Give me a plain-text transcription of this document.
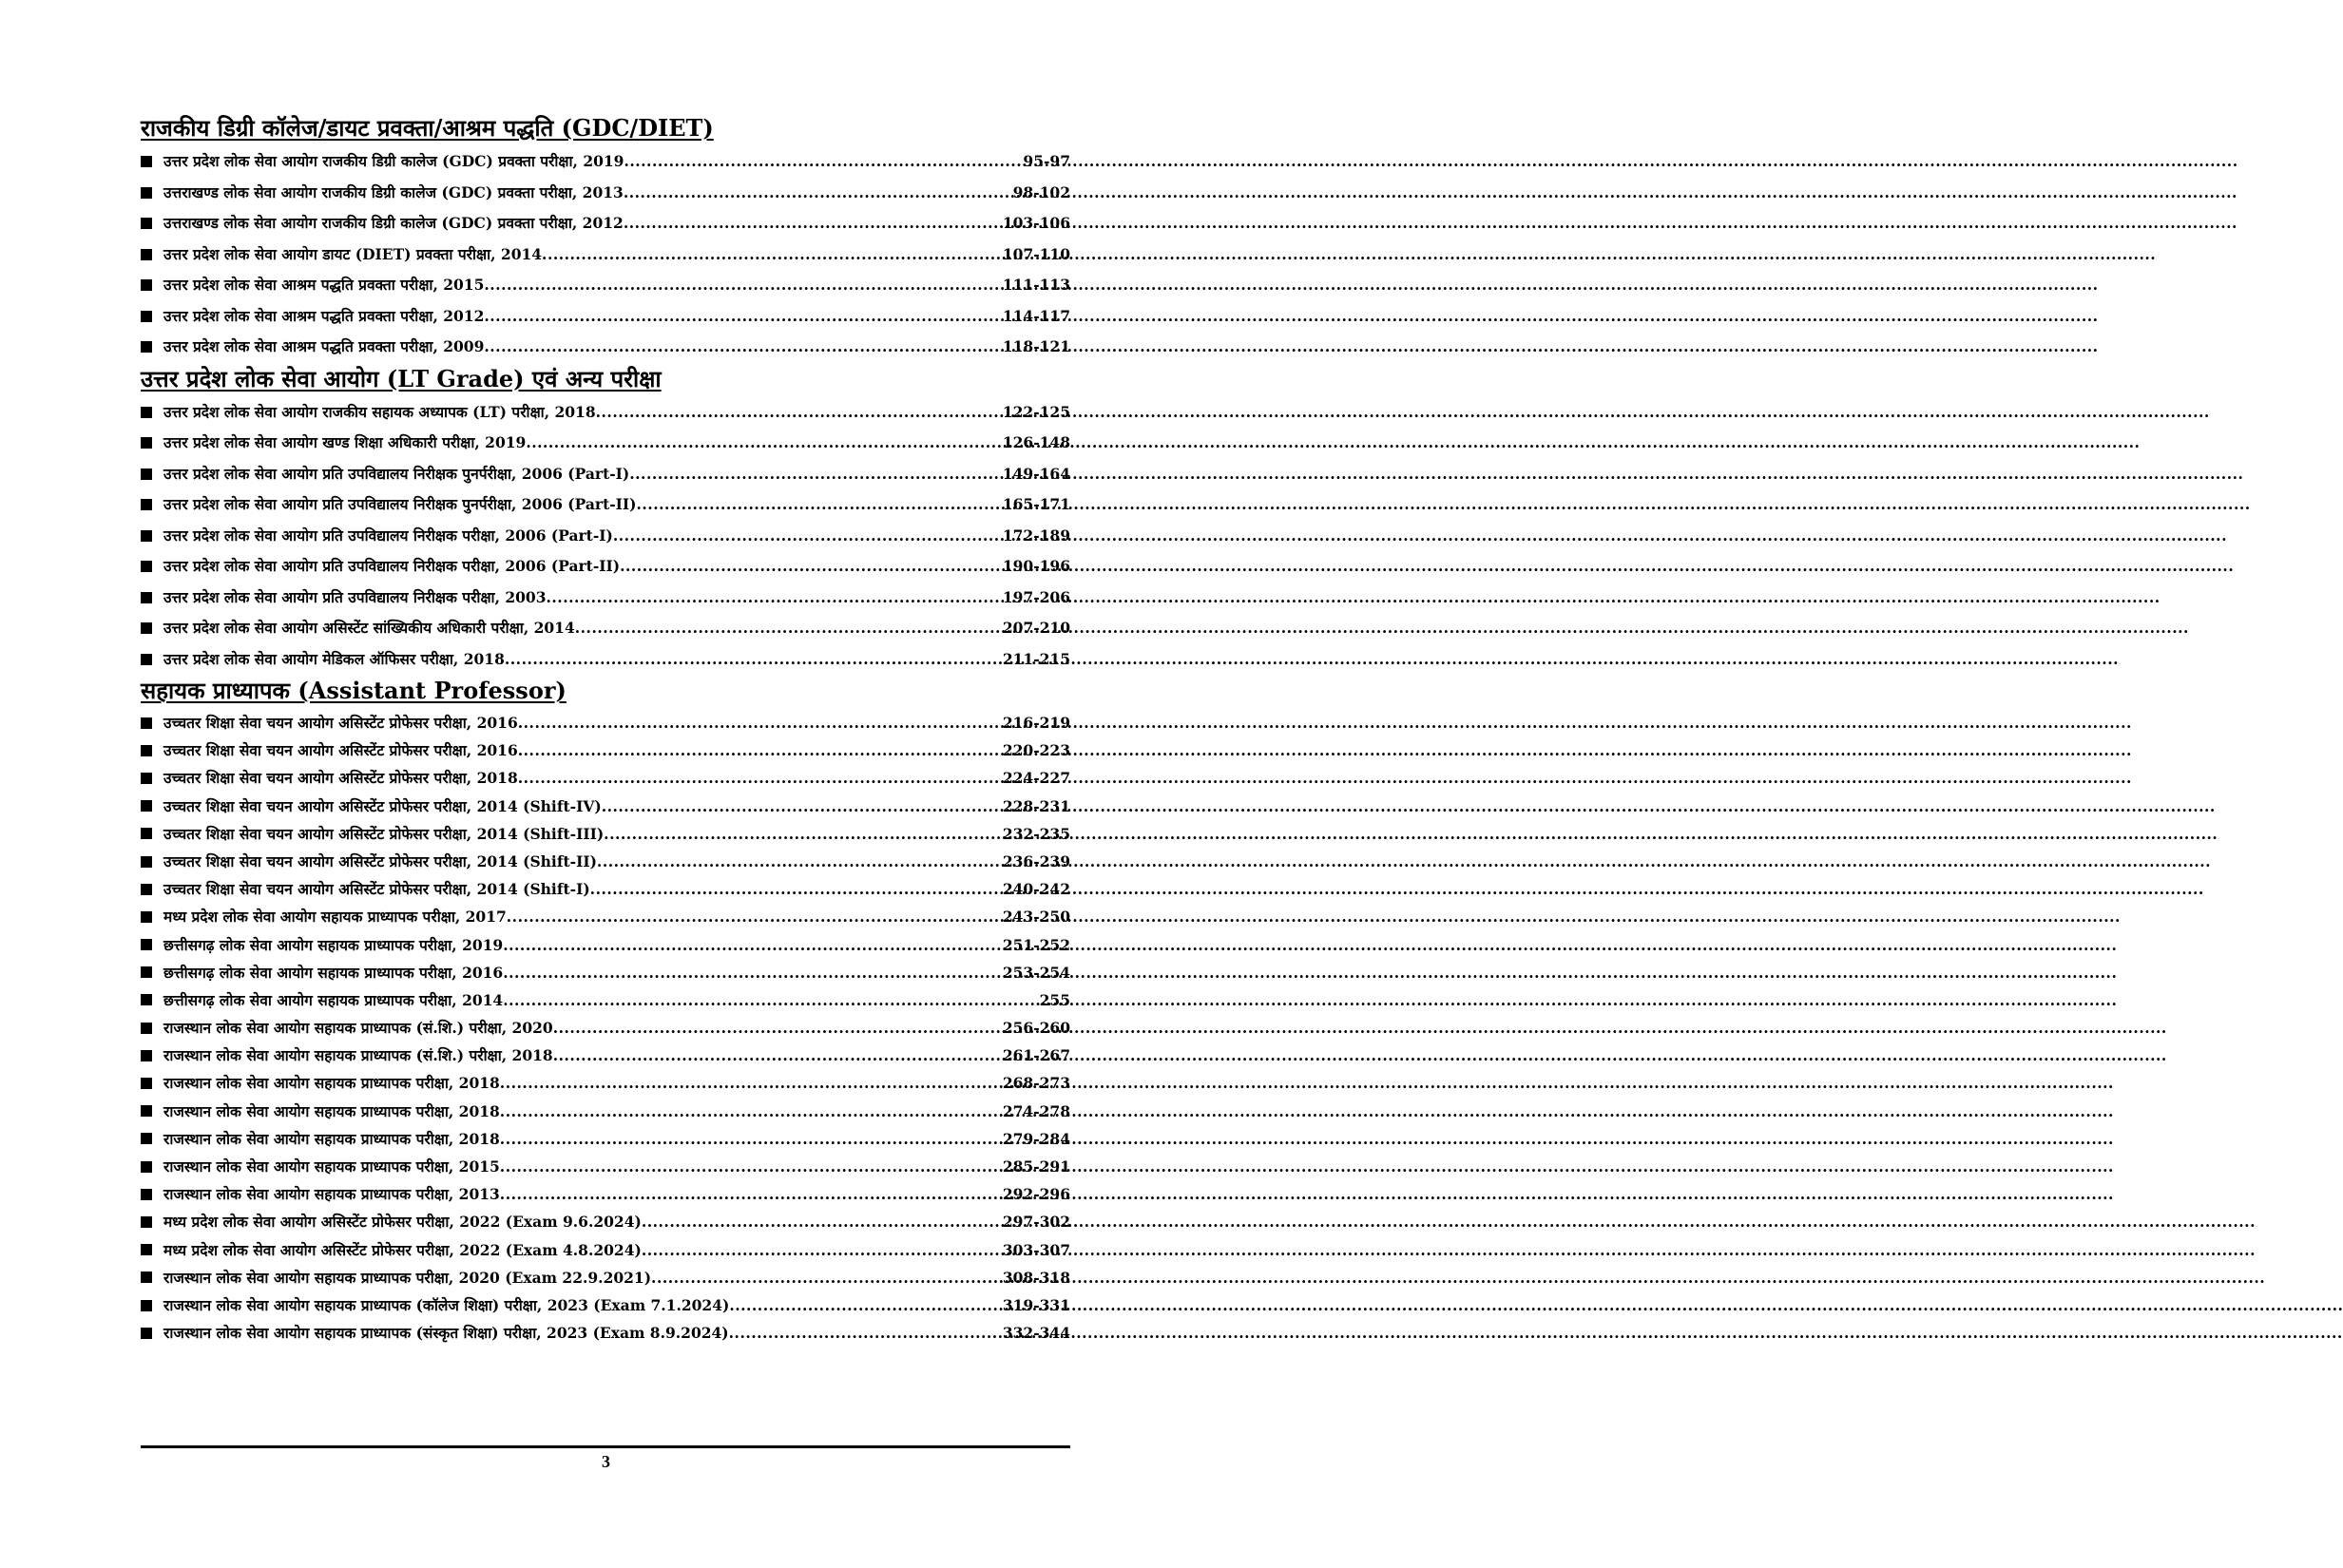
राजकीय डिग्री कॉलेज/डायट प्रवक्ता/आश्रम पद्धति (GDC/DIET)
उत्तर प्रदेश लोक सेवा आयोग राजकीय डिग्री कालेज (GDC) प्रवक्ता परीक्षा, 2019 .....	95-97
उत्तराखण्ड लोक सेवा आयोग राजकीय डिग्री कालेज (GDC) प्रवक्ता परीक्षा, 2013 .....	98-102
उत्तराखण्ड लोक सेवा आयोग राजकीय डिग्री कालेज (GDC) प्रवक्ता परीक्षा, 2012 .....	103-106
उत्तर प्रदेश लोक सेवा आयोग डायट (DIET) प्रवक्ता परीक्षा, 2014 .....	107-110
उत्तर प्रदेश लोक सेवा आश्रम पद्धति प्रवक्ता परीक्षा, 2015 .....	111-113
उत्तर प्रदेश लोक सेवा आश्रम पद्धति प्रवक्ता परीक्षा, 2012 .....	114-117
उत्तर प्रदेश लोक सेवा आश्रम पद्धति प्रवक्ता परीक्षा, 2009 .....	118-121
उत्तर प्रदेश लोक सेवा आयोग (LT Grade) एवं अन्य परीक्षा
उत्तर प्रदेश लोक सेवा आयोग राजकीय सहायक अध्यापक (LT) परीक्षा, 2018 .....	122-125
उत्तर प्रदेश लोक सेवा आयोग खण्ड शिक्षा अधिकारी परीक्षा, 2019 .....	126-148
उत्तर प्रदेश लोक सेवा आयोग प्रति उपविद्यालय निरीक्षक पुनर्परीक्षा, 2006 (Part-I) .....	149-164
उत्तर प्रदेश लोक सेवा आयोग प्रति उपविद्यालय निरीक्षक पुनर्परीक्षा, 2006 (Part-II) .....	165-171
उत्तर प्रदेश लोक सेवा आयोग प्रति उपविद्यालय निरीक्षक परीक्षा, 2006 (Part-I) .....	172-189
उत्तर प्रदेश लोक सेवा आयोग प्रति उपविद्यालय निरीक्षक परीक्षा, 2006 (Part-II) .....	190-196
उत्तर प्रदेश लोक सेवा आयोग प्रति उपविद्यालय निरीक्षक परीक्षा, 2003 .....	197-206
उत्तर प्रदेश लोक सेवा आयोग असिस्टेंट सांख्यिकीय अधिकारी परीक्षा, 2014 .....	207-210
उत्तर प्रदेश लोक सेवा आयोग मेडिकल ऑफिसर परीक्षा, 2018 .....	211-215
सहायक प्राध्यापक (Assistant Professor)
उच्चतर शिक्षा सेवा चयन आयोग असिस्टेंट प्रोफेसर परीक्षा, 2016 .....	216-219
उच्चतर शिक्षा सेवा चयन आयोग असिस्टेंट प्रोफेसर परीक्षा, 2016 .....	220-223
उच्चतर शिक्षा सेवा चयन आयोग असिस्टेंट प्रोफेसर परीक्षा, 2018 .....	224-227
उच्चतर शिक्षा सेवा चयन आयोग असिस्टेंट प्रोफेसर परीक्षा, 2014 (Shift-IV) .....	228-231
उच्चतर शिक्षा सेवा चयन आयोग असिस्टेंट प्रोफेसर परीक्षा, 2014 (Shift-III) .....	232-235
उच्चतर शिक्षा सेवा चयन आयोग असिस्टेंट प्रोफेसर परीक्षा, 2014 (Shift-II) .....	236-239
उच्चतर शिक्षा सेवा चयन आयोग असिस्टेंट प्रोफेसर परीक्षा, 2014 (Shift-I) .....	240-242
मध्य प्रदेश लोक सेवा आयोग सहायक प्राध्यापक परीक्षा, 2017 .....	243-250
छत्तीसगढ़ लोक सेवा आयोग सहायक प्राध्यापक परीक्षा, 2019 .....	251-252
छत्तीसगढ़ लोक सेवा आयोग सहायक प्राध्यापक परीक्षा, 2016 .....	253-254
छत्तीसगढ़ लोक सेवा आयोग सहायक प्राध्यापक परीक्षा, 2014 .....	255
राजस्थान लोक सेवा आयोग सहायक प्राध्यापक (सं.शि.) परीक्षा, 2020 .....	256-260
राजस्थान लोक सेवा आयोग सहायक प्राध्यापक (सं.शि.) परीक्षा, 2018 .....	261-267
राजस्थान लोक सेवा आयोग सहायक प्राध्यापक परीक्षा, 2018 .....	268-273
राजस्थान लोक सेवा आयोग सहायक प्राध्यापक परीक्षा, 2018 .....	274-278
राजस्थान लोक सेवा आयोग सहायक प्राध्यापक परीक्षा, 2018 .....	279-284
राजस्थान लोक सेवा आयोग सहायक प्राध्यापक परीक्षा, 2015 .....	285-291
राजस्थान लोक सेवा आयोग सहायक प्राध्यापक परीक्षा, 2013 .....	292-296
मध्य प्रदेश लोक सेवा आयोग असिस्टेंट प्रोफेसर परीक्षा, 2022 (Exam 9.6.2024) .....	297-302
मध्य प्रदेश लोक सेवा आयोग असिस्टेंट प्रोफेसर परीक्षा, 2022 (Exam 4.8.2024) .....	303-307
राजस्थान लोक सेवा आयोग सहायक प्राध्यापक परीक्षा, 2020 (Exam 22.9.2021) .....	308-318
राजस्थान लोक सेवा आयोग सहायक प्राध्यापक (कॉलेज शिक्षा) परीक्षा, 2023 (Exam 7.1.2024) .....	319-331
राजस्थान लोक सेवा आयोग सहायक प्राध्यापक (संस्कृत शिक्षा) परीक्षा, 2023 (Exam 8.9.2024) .....	332-344
3
